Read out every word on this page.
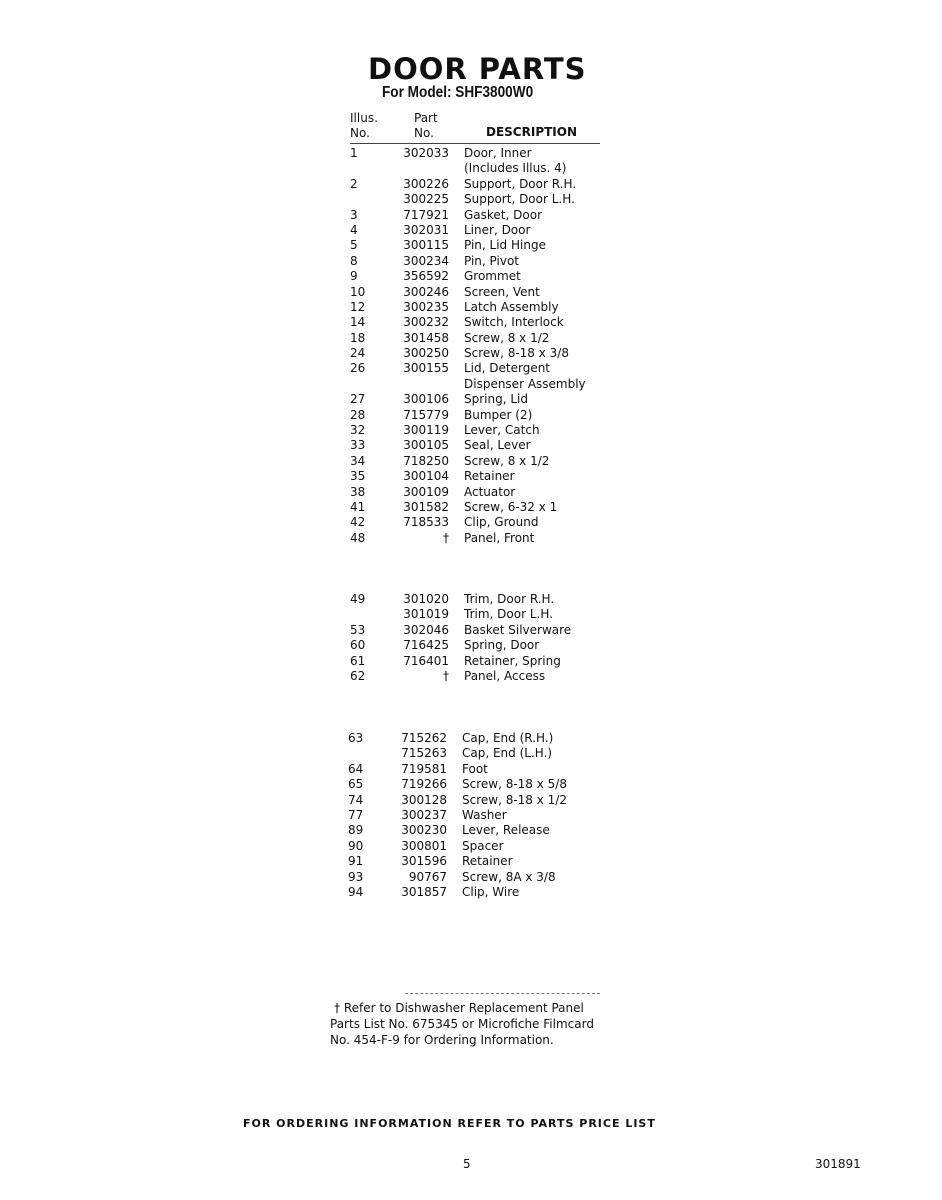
DOOR PARTS
For Model: SHF3800W0
Illus.
No.
Part
No.	DESCRIPTION
1	302033 Door, Inner
(Includes Illus. 4)
2	300226 Support, Door R.H.
300225 Support, Door L.H.
3	717921 Gasket, Door
4	302031 Liner, Door
5	300115 Pin, Lid Hinge
8	300234 Pin, Pivot
9	356592 Grommet
10	300246 Screen, Vent
12	300235 Latch Assembly
14	300232 Switch, Interlock
18	301458 Screw, 8 x 1/2
24	300250 Screw, 8-18 x 3/8
26	300155 Lid, Detergent
Dispenser Assembly
27	300106 Spring, Lid
28	715779 Bumper (2)
32	300119 Lever, Catch
33	300105 Seal, Lever
34	718250 Screw, 8 x 1/2
35	300104 Retainer
38	300109 Actuator
41	301582 Screw, 6-32 x 1
42	718533 Clip, Ground
48	† Panel, Front
49	301020 Trim, Door R.H.
301019 Trim, Door L.H.
53	302046 Basket Silverware
60	716425 Spring, Door
61	716401 Retainer, Spring
62	† Panel, Access
63	715262 Cap, End (R.H.)
715263 Cap, End (L.H.)
64	719581 Foot
65	719266 Screw, 8-18 x 5/8
74	300128 Screw, 8-18 x 1/2
77	300237 Washer
89	300230 Lever, Release
90	300801 Spacer
91	301596 Retainer
93	90767 Screw, 8A x 3/8
94	301857 Clip, Wire
† Refer to Dishwasher Replacement Panel
Parts List No. 675345 or Microfiche Filmcard
No. 454-F-9 for Ordering Information.
FOR ORDERING INFORMATION REFER TO PARTS PRICE LIST
5	301891
